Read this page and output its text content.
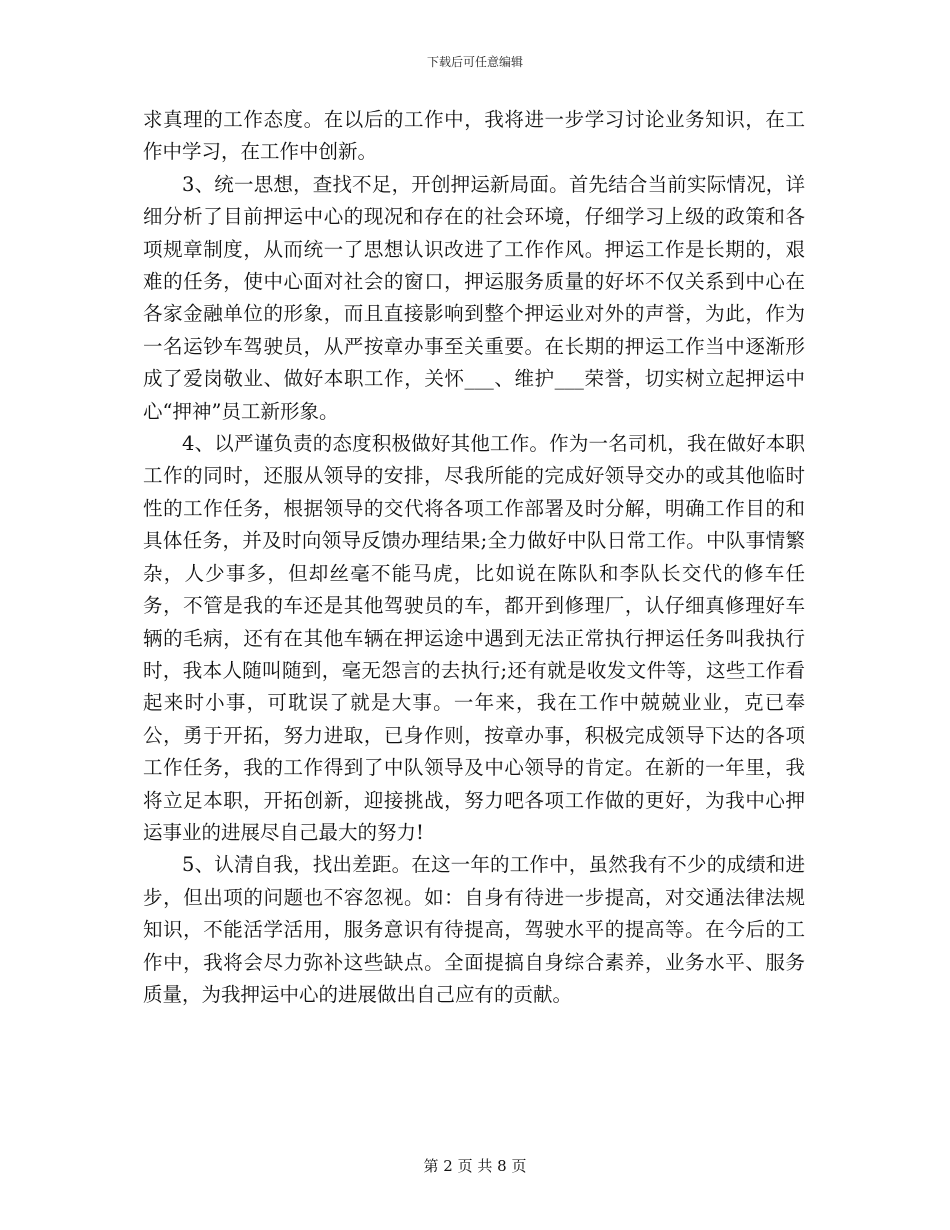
下载后可任意编辑

求真理的工作态度。在以后的工作中，我将进一步学习讨论业务知识，在工作中学习，在工作中创新。

3、统一思想，查找不足，开创押运新局面。首先结合当前实际情况，详细分析了目前押运中心的现况和存在的社会环境，仔细学习上级的政策和各项规章制度，从而统一了思想认识改进了工作作风。押运工作是长期的，艰难的任务，使中心面对社会的窗口，押运服务质量的好坏不仅关系到中心在各家金融单位的形象，而且直接影响到整个押运业对外的声誉，为此，作为一名运钞车驾驶员，从严按章办事至关重要。在长期的押运工作当中逐渐形成了爱岗敬业、做好本职工作，关怀___、维护___荣誉，切实树立起押运中心“押神”员工新形象。

4、以严谨负责的态度积极做好其他工作。作为一名司机，我在做好本职工作的同时，还服从领导的安排，尽我所能的完成好领导交办的或其他临时性的工作任务，根据领导的交代将各项工作部署及时分解，明确工作目的和具体任务，并及时向领导反馈办理结果;全力做好中队日常工作。中队事情繁杂，人少事多，但却丝毫不能马虎，比如说在陈队和李队长交代的修车任务，不管是我的车还是其他驾驶员的车，都开到修理厂，认仔细真修理好车辆的毛病，还有在其他车辆在押运途中遇到无法正常执行押运任务叫我执行时，我本人随叫随到，毫无怨言的去执行;还有就是收发文件等，这些工作看起来时小事，可耽误了就是大事。一年来，我在工作中兢兢业业，克已奉公，勇于开拓，努力进取，已身作则，按章办事，积极完成领导下达的各项工作任务，我的工作得到了中队领导及中心领导的肯定。在新的一年里，我将立足本职，开拓创新，迎接挑战，努力吧各项工作做的更好，为我中心押运事业的进展尽自己最大的努力!

5、认清自我，找出差距。在这一年的工作中，虽然我有不少的成绩和进步，但出项的问题也不容忽视。如：自身有待进一步提高，对交通法律法规知识，不能活学活用，服务意识有待提高，驾驶水平的提高等。在今后的工作中，我将会尽力弥补这些缺点。全面提搞自身综合素养，业务水平、服务质量，为我押运中心的进展做出自己应有的贡献。

第 2 页 共 8 页
